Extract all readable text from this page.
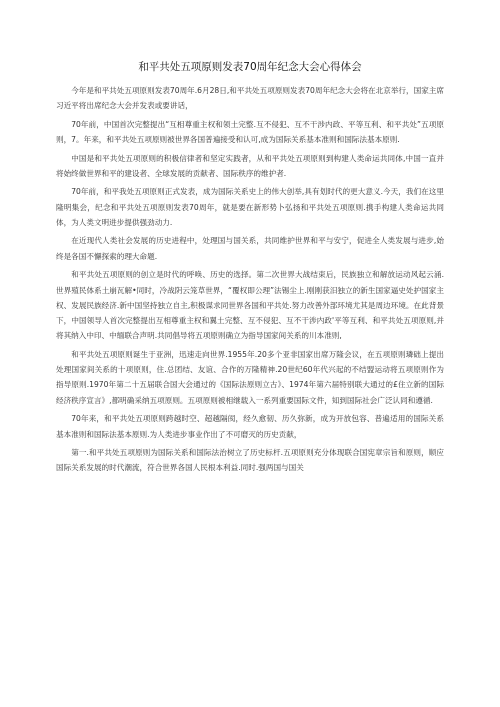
和平共处五项原则发表70周年纪念大会心得体会

今年是和平共处五项原则发表70周年.6月28日,和平共处五项原则发表70周年纪念大会将在北京举行，国家主席习近平将出席纪念大会并发表或要讲话，

70年前，中国首次完整提出“互相尊重主权和领土完整.互不侵犯、互不干涉内政、平等互利、和平共处”五项原则，7。年来，和平共处五项原则被世界各国普遍接受和认可,成为国际关系基本准则和国际法基本原则.

中国是和平共处五项原则的积极信律者和坚定实践者，从和平共处五项原则到构建人类命运共同体,中国一直并将始终做世界和平的建设者、全球发展的贡献者、国际秩序的维护者.

70年前，和平我处五项原则正式发表，成为国际关系史上的伟大创举,具有划时代的更大意义.今天，我们在这里隆明集会，纪念和平共处五项原则发表70周年，就是要在新形势卜弘扬和平共处五项原则.携手构建人类命运共同体，为人类文明进步提供强劲动力.

在近现代人类社会发展的历史进程中，处理国与国关系，共同维护世界和平与安宁，促进全人类发展与进步,始终是各国不懈探索的理大命题.

和平共处五项原则的创立是时代的呼唤、历史的选择。第二次世界大战结束后，民族独立和解放运动风起云涌.世界殖民体系土崩瓦解•同时，冷战阴云笼草世界，“覆权即公理”法锡尘上.刚刚获汨独立的新生国家逼史处护国家主权、发展民族经济.新中国坚持独立自主,积极谋求同世界各国和平共处.努力改善外部环境尤其是周边环境。在此背景下，中国领导人首次完整提出互相尊重主权和翼土完整、互不侵犯、互不干涉内政'平等互利、和平共处五项原则,并将其纳入中印、中缅联合声明.共同倡导将五项原则确立为指导国家间关系的川本准则,

和平共处五项原则诞生于亚洲，迅速走向世界.1955年.20多个亚非国家出席万隆会议，在五项原则璘础上提出处理国家间关系的十项原则，住.总团结、友谊、合作的万隆精神.20世纪60年代兴起的不结盟运动将五项原则作为指导原则.1970年第二十五届联合国大会通过的《国际法原则立古》、1974年第六届特别联大通过的£住立新的国际经济秩序宣言》,都明确采纳五项原则。五项原则被相继载入一系列重要国际文件，知到国际社会广泛认同和遵循.

70年来，和平共处五项原则跨越时空、超越隔阂，经久愈韧、历久弥新，成为开放包容、普遍适用的国际关系基本准则和国际法基本原则.为人类进步事业作出了不可磨灭的历史贡献，

第一.和平共处五项原则为国际关系和国际法治树立了历史标杆.五项原则充分体现联合国宪章宗旨和原则，顺应国际关系发展的时代潮流，符合世界各国人民根本利益.同时.强两国与国关
